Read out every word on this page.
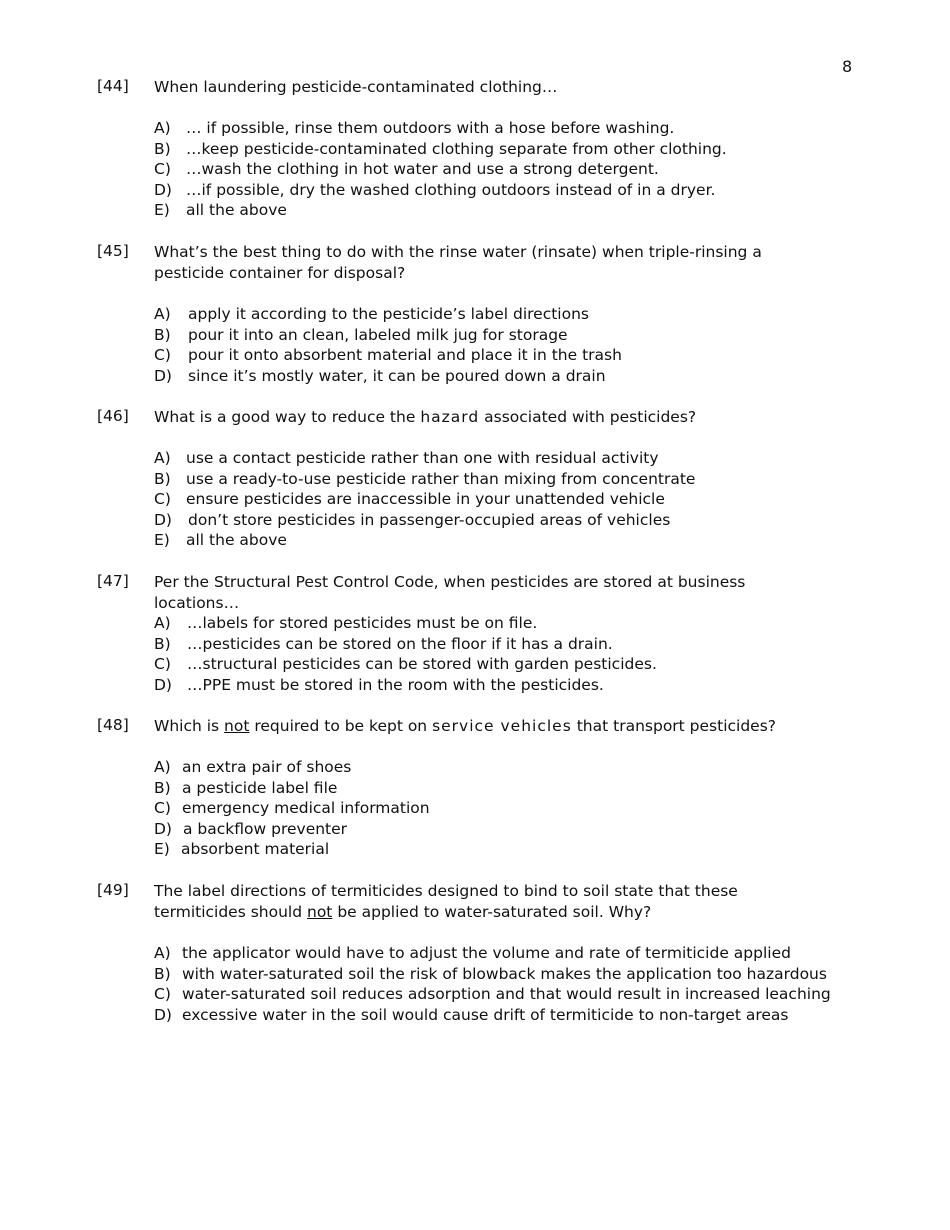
8
[44] When laundering pesticide-contaminated clothing…
A) … if possible, rinse them outdoors with a hose before washing.
B) …keep pesticide-contaminated clothing separate from other clothing.
C) …wash the clothing in hot water and use a strong detergent.
D) …if possible, dry the washed clothing outdoors instead of in a dryer.
E) all the above
[45] What’s the best thing to do with the rinse water (rinsate) when triple-rinsing a pesticide container for disposal?
A) apply it according to the pesticide’s label directions
B) pour it into an clean, labeled milk jug for storage
C) pour it onto absorbent material and place it in the trash
D) since it’s mostly water, it can be poured down a drain
[46] What is a good way to reduce the hazard associated with pesticides?
A) use a contact pesticide rather than one with residual activity
B) use a ready-to-use pesticide rather than mixing from concentrate
C) ensure pesticides are inaccessible in your unattended vehicle
D) don’t store pesticides in passenger-occupied areas of vehicles
E) all the above
[47] Per the Structural Pest Control Code, when pesticides are stored at business locations…
A) …labels for stored pesticides must be on file.
B) …pesticides can be stored on the floor if it has a drain.
C) …structural pesticides can be stored with garden pesticides.
D) …PPE must be stored in the room with the pesticides.
[48] Which is not required to be kept on service vehicles that transport pesticides?
A) an extra pair of shoes
B) a pesticide label file
C) emergency medical information
D) a backflow preventer
E) absorbent material
[49] The label directions of termiticides designed to bind to soil state that these termiticides should not be applied to water-saturated soil. Why?
A) the applicator would have to adjust the volume and rate of termiticide applied
B) with water-saturated soil the risk of blowback makes the application too hazardous
C) water-saturated soil reduces adsorption and that would result in increased leaching
D) excessive water in the soil would cause drift of termiticide to non-target areas
